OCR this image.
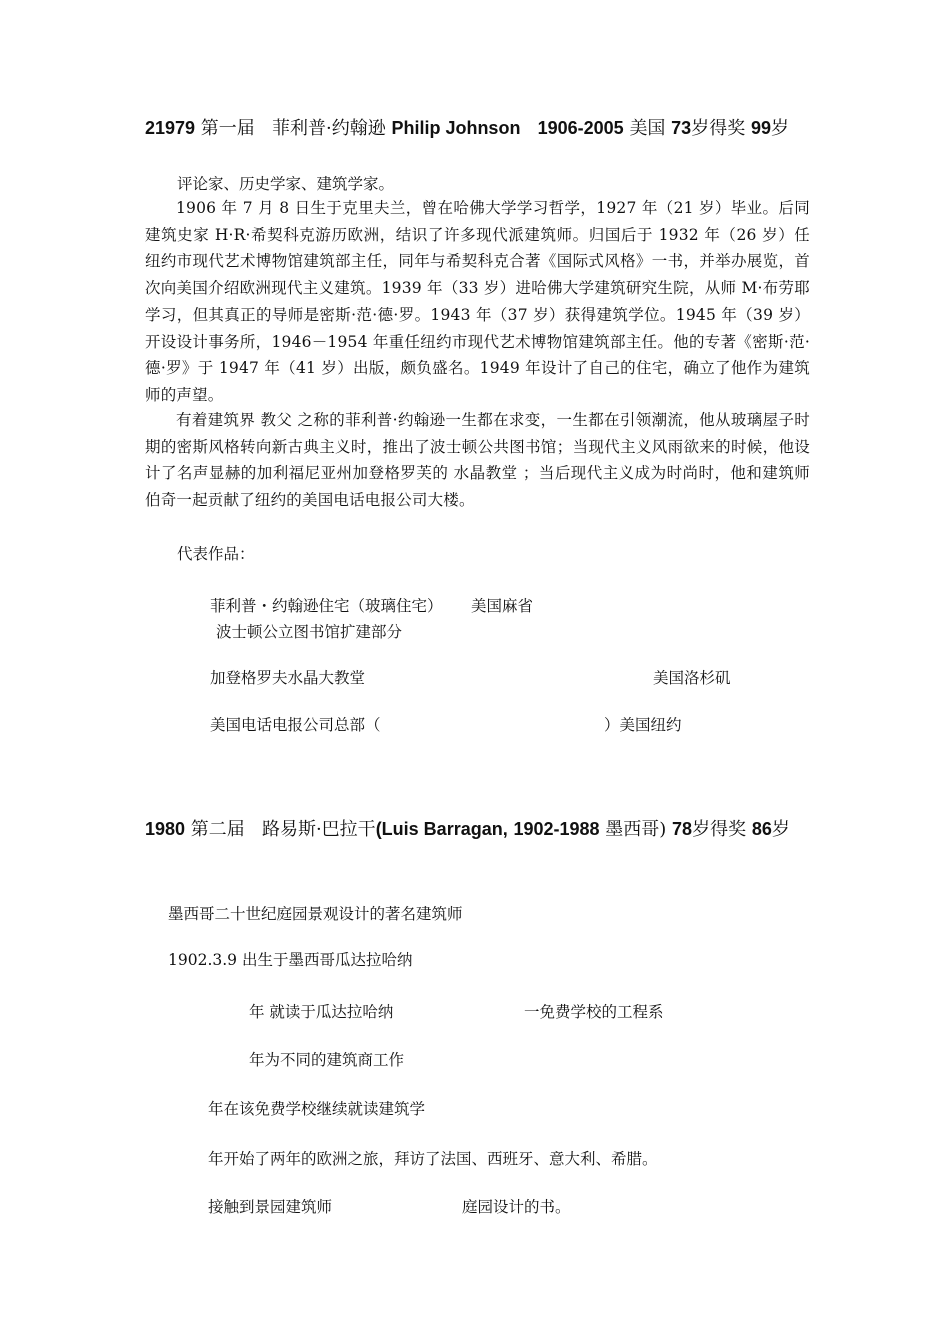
21979 第一届 菲利普·约翰逊 Philip Johnson 1906-2005 美国 73岁得奖 99岁
评论家、历史学家、建筑学家。
1906 年 7 月 8 日生于克里夫兰，曾在哈佛大学学习哲学，1927 年（21 岁）毕业。后同建筑史家 H·R·希契科克游历欧洲，结识了许多现代派建筑师。归国后于 1932 年（26 岁）任纽约市现代艺术博物馆建筑部主任，同年与希契科克合著《国际式风格》一书，并举办展览，首次向美国介绍欧洲现代主义建筑。1939 年（33 岁）进哈佛大学建筑研究生院，从师 M·布劳耶学习，但其真正的导师是密斯·范·德·罗。1943 年（37 岁）获得建筑学位。1945 年（39 岁）开设设计事务所，1946－1954 年重任纽约市现代艺术博物馆建筑部主任。他的专著《密斯·范·德·罗》于 1947 年（41 岁）出版，颇负盛名。1949 年设计了自己的住宅，确立了他作为建筑师的声望。
有着建筑界 教父 之称的菲利普·约翰逊一生都在求变，一生都在引领潮流，他从玻璃屋子时期的密斯风格转向新古典主义时，推出了波士顿公共图书馆；当现代主义风雨欲来的时候，他设计了名声显赫的加利福尼亚州加登格罗芙的 水晶教堂 ；当后现代主义成为时尚时，他和建筑师伯奇一起贡献了纽约的美国电话电报公司大楼。
代表作品：
菲利普・约翰逊住宅（玻璃住宅） 美国麻省
波士顿公立图书馆扩建部分
加登格罗夫水晶大教堂	美国洛杉矶
美国电话电报公司总部（	）美国纽约
1980 第二届 路易斯·巴拉干(Luis Barragan, 1902-1988 墨西哥) 78岁得奖 86岁
墨西哥二十世纪庭园景观设计的著名建筑师
1902.3.9 出生于墨西哥瓜达拉哈纳
年 就读于瓜达拉哈纳	一免费学校的工程系
年为不同的建筑商工作
年在该免费学校继续就读建筑学
年开始了两年的欧洲之旅，拜访了法国、西班牙、意大利、希腊。
接触到景园建筑师	庭园设计的书。
